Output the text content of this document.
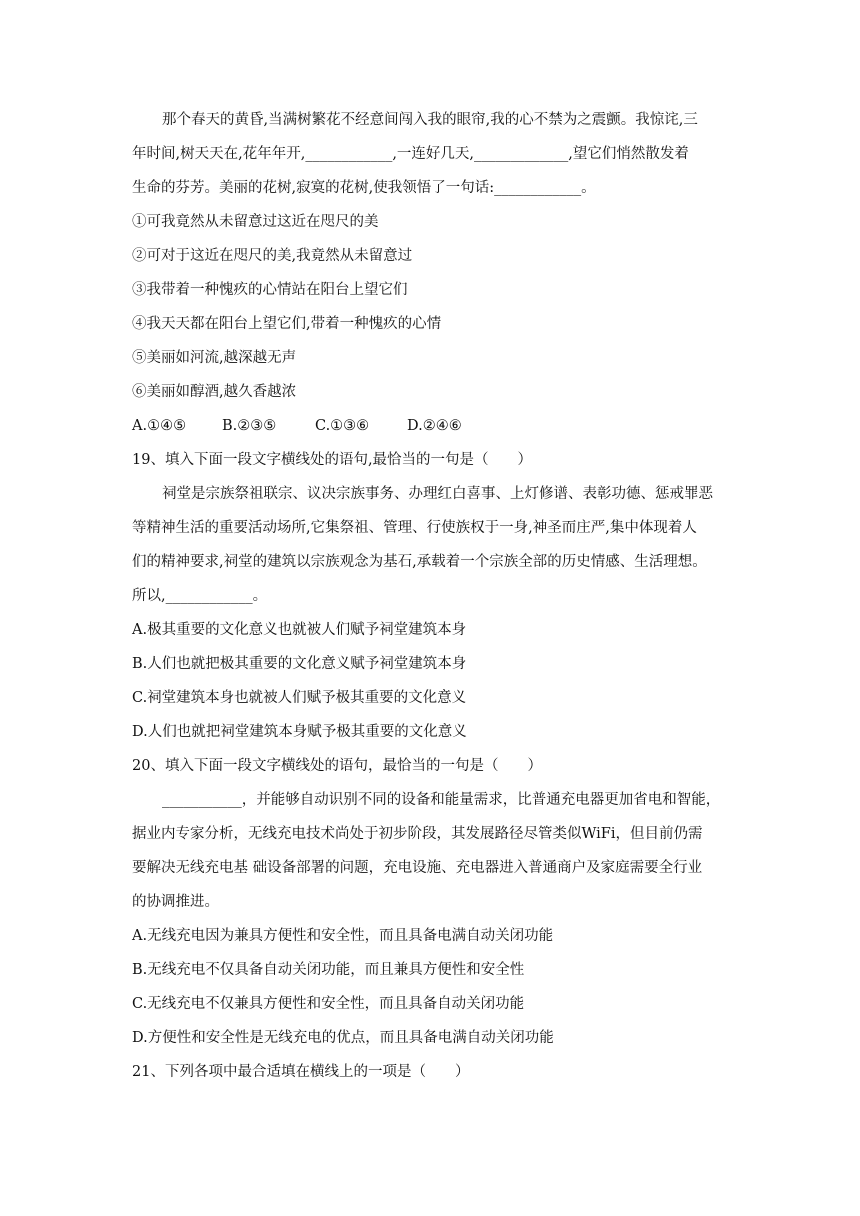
那个春天的黄昏,当满树繁花不经意间闯入我的眼帘,我的心不禁为之震颤。我惊诧,三
年时间,树天天在,花年年开,____________,一连好几天,_____________,望它们悄然散发着
生命的芬芳。美丽的花树,寂寞的花树,使我领悟了一句话:____________。
①可我竟然从未留意过这近在咫尺的美
②可对于这近在咫尺的美,我竟然从未留意过
③我带着一种愧疚的心情站在阳台上望它们
④我天天都在阳台上望它们,带着一种愧疚的心情
⑤美丽如河流,越深越无声
⑥美丽如醇酒,越久香越浓
A.①④⑤ B.②③⑤	C.①③⑥	D.②④⑥
19、填入下面一段文字横线处的语句,最恰当的一句是（　　）
祠堂是宗族祭祖联宗、议决宗族事务、办理红白喜事、上灯修谱、表彰功德、惩戒罪恶
等精神生活的重要活动场所,它集祭祖、管理、行使族权于一身,神圣而庄严,集中体现着人
们的精神要求,祠堂的建筑以宗族观念为基石,承载着一个宗族全部的历史情感、生活理想。
所以,____________。
A.极其重要的文化意义也就被人们赋予祠堂建筑本身
B.人们也就把极其重要的文化意义赋予祠堂建筑本身
C.祠堂建筑本身也就被人们赋予极其重要的文化意义
D.人们也就把祠堂建筑本身赋予极其重要的文化意义
20、填入下面一段文字横线处的语句，最恰当的一句是（　　）
___________，并能够自动识别不同的设备和能量需求，比普通充电器更加省电和智能，
据业内专家分析，无线充电技术尚处于初步阶段，其发展路径尽管类似WiFi，但目前仍需
要解决无线充电基 础设备部署的问题，充电设施、充电器进入普通商户及家庭需要全行业
的协调推进。
A.无线充电因为兼具方便性和安全性，而且具备电满自动关闭功能
B.无线充电不仅具备自动关闭功能，而且兼具方便性和安全性
C.无线充电不仅兼具方便性和安全性，而且具备自动关闭功能
D.方便性和安全性是无线充电的优点，而且具备电满自动关闭功能
21、下列各项中最合适填在横线上的一项是（　　）
